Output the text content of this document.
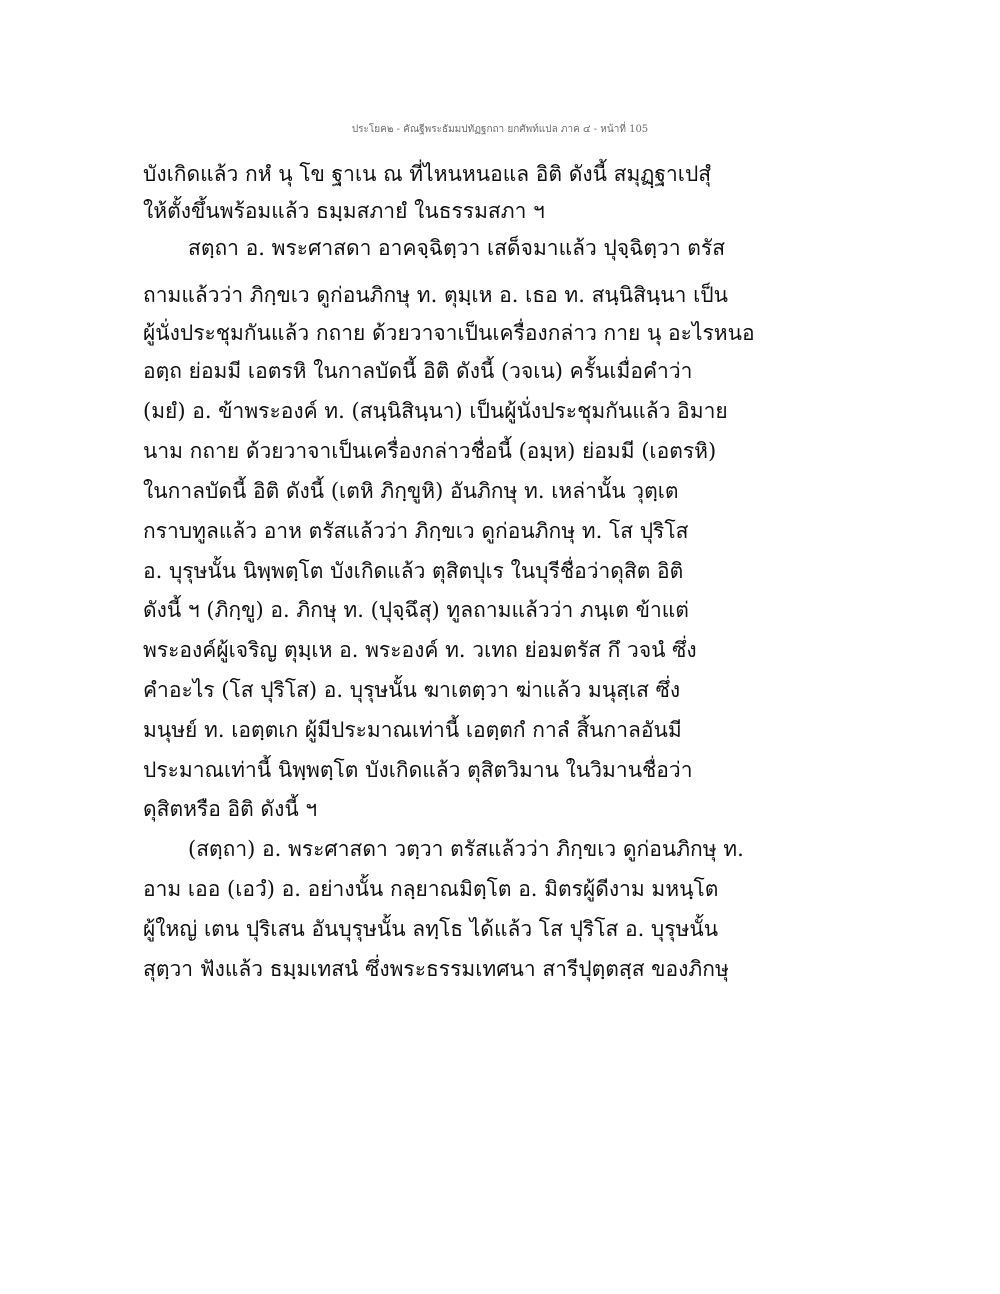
ประโยค๒ - คัณฐีพระธัมมปทัฏฐกถา ยกศัพท์แปล ภาค ๔ - หน้าที่ 105
บังเกิดแล้ว กหํ นุ โข ฐาเน ณ ที่ไหนหนอแล อิติ ดังนี้ สมุฏฺฐาเปสุํ
ให้ตั้งขึ้นพร้อมแล้ว ธมฺมสภายํ ในธรรมสภา ฯ
สตฺถา อ. พระศาสดา อาคจฺฉิตฺวา เสด็จมาแล้ว ปุจฺฉิตฺวา ตรัส
ถามแล้วว่า ภิกฺขเว ดูก่อนภิกษุ ท. ตุมฺเห อ. เธอ ท. สนฺนิสินฺนา เป็น
ผู้นั่งประชุมกันแล้ว กถาย ด้วยวาจาเป็นเครื่องกล่าว กาย นุ อะไรหนอ
อตฺถ ย่อมมี เอตรหิ ในกาลบัดนี้ อิติ ดังนี้ (วจเน) ครั้นเมื่อคำว่า
(มยํ) อ. ข้าพระองค์ ท. (สนฺนิสินฺนา) เป็นผู้นั่งประชุมกันแล้ว อิมาย
นาม กถาย ด้วยวาจาเป็นเครื่องกล่าวชื่อนี้ (อมฺห) ย่อมมี (เอตรหิ)
ในกาลบัดนี้ อิติ ดังนี้ (เตหิ ภิกฺขูหิ) อันภิกษุ ท. เหล่านั้น วุตฺเต
กราบทูลแล้ว อาห ตรัสแล้วว่า ภิกฺขเว ดูก่อนภิกษุ ท. โส ปุริโส
อ. บุรุษนั้น นิพฺพตฺโต บังเกิดแล้ว ตุสิตปุเร ในบุรีชื่อว่าดุสิต อิติ
ดังนี้ ฯ (ภิกฺขู) อ. ภิกษุ ท. (ปุจฺฉึสุ) ทูลถามแล้วว่า ภนฺเต ข้าแต่
พระองค์ผู้เจริญ ตุมฺเห อ. พระองค์ ท. วเทถ ย่อมตรัส กึ วจนํ ซึ่ง
คำอะไร (โส ปุริโส) อ. บุรุษนั้น ฆาเตตฺวา ฆ่าแล้ว มนุสฺเส ซึ่ง
มนุษย์ ท. เอตฺตเก ผู้มีประมาณเท่านี้ เอตฺตกํ กาลํ สิ้นกาลอันมี
ประมาณเท่านี้ นิพฺพตฺโต บังเกิดแล้ว ตุสิตวิมาน ในวิมานชื่อว่า
ดุสิตหรือ อิติ ดังนี้ ฯ
(สตฺถา) อ. พระศาสดา วตฺวา ตรัสแล้วว่า ภิกฺขเว ดูก่อนภิกษุ ท.
อาม เออ (เอวํ) อ. อย่างนั้น กลฺยาณมิตฺโต อ. มิตรผู้ดีงาม มหนฺโต
ผู้ใหญ่ เตน ปุริเสน อันบุรุษนั้น ลทฺโธ ได้แล้ว โส ปุริโส อ. บุรุษนั้น
สุตฺวา ฟังแล้ว ธมฺมเทสนํ ซึ่งพระธรรมเทศนา สารีปุตฺตสฺส ของภิกษุ
